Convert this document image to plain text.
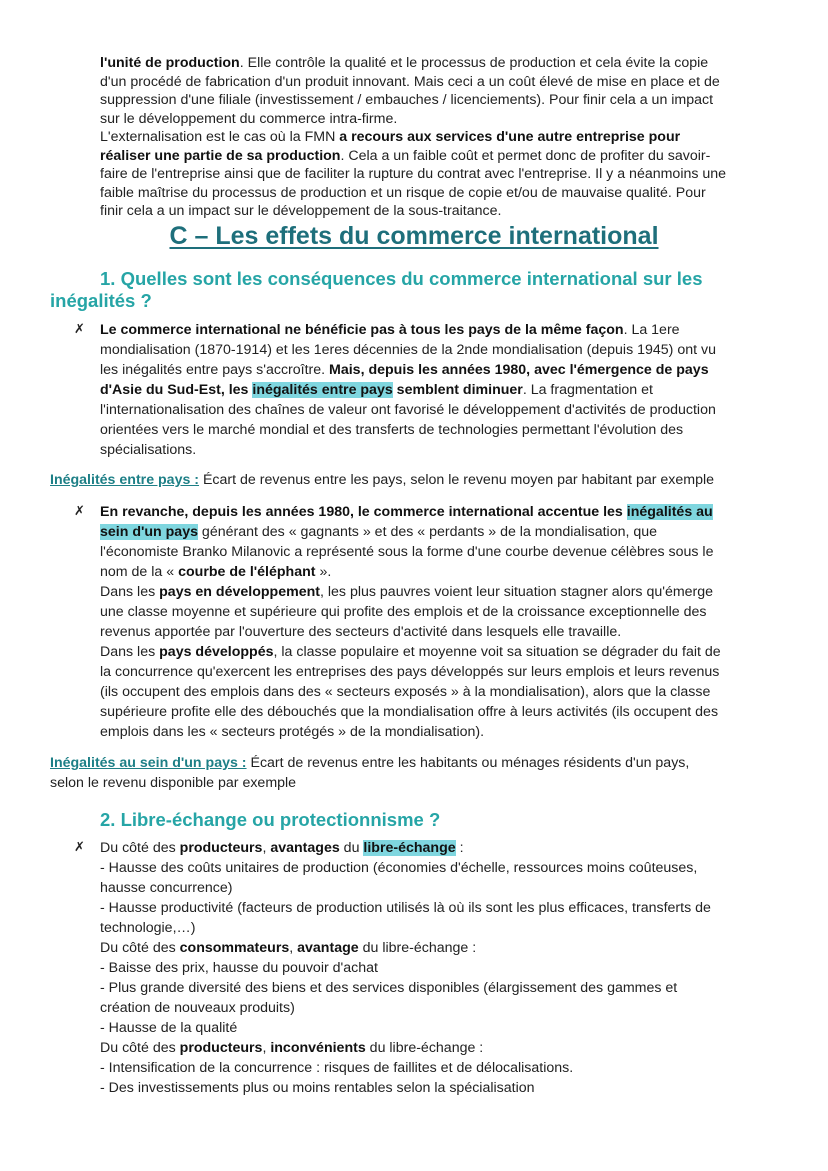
l'unité de production. Elle contrôle la qualité et le processus de production et cela évite la copie
d'un procédé de fabrication d'un produit innovant. Mais ceci a un coût élevé de mise en place et de
suppression d'une filiale (investissement / embauches / licenciements). Pour finir cela a un impact
sur le développement du commerce intra-firme.
L'externalisation est le cas où la FMN a recours aux services d'une autre entreprise pour
réaliser une partie de sa production. Cela a un faible coût et permet donc de profiter du savoir-
faire de l'entreprise ainsi que de faciliter la rupture du contrat avec l'entreprise. Il y a néanmoins une
faible maîtrise du processus de production et un risque de copie et/ou de mauvaise qualité. Pour
finir cela a un impact sur le développement de la sous-traitance.
C – Les effets du commerce international
1. Quelles sont les conséquences du commerce international sur les
inégalités ?
✗ Le commerce international ne bénéficie pas à tous les pays de la même façon. La 1ere
mondialisation (1870-1914) et les 1eres décennies de la 2nde mondialisation (depuis 1945) ont vu
les inégalités entre pays s'accroître. Mais, depuis les années 1980, avec l'émergence de pays
d'Asie du Sud-Est, les inégalités entre pays semblent diminuer. La fragmentation et
l'internationalisation des chaînes de valeur ont favorisé le développement d'activités de production
orientées vers le marché mondial et des transferts de technologies permettant l'évolution des
spécialisations.
Inégalités entre pays : Écart de revenus entre les pays, selon le revenu moyen par habitant par exemple
✗ En revanche, depuis les années 1980, le commerce international accentue les inégalités au
sein d'un pays générant des « gagnants » et des « perdants » de la mondialisation, que
l'économiste Branko Milanovic a représenté sous la forme d'une courbe devenue célèbres sous le
nom de la « courbe de l'éléphant ».
Dans les pays en développement, les plus pauvres voient leur situation stagner alors qu'émerge
une classe moyenne et supérieure qui profite des emplois et de la croissance exceptionnelle des
revenus apportée par l'ouverture des secteurs d'activité dans lesquels elle travaille.
Dans les pays développés, la classe populaire et moyenne voit sa situation se dégrader du fait de
la concurrence qu'exercent les entreprises des pays développés sur leurs emplois et leurs revenus
(ils occupent des emplois dans des « secteurs exposés » à la mondialisation), alors que la classe
supérieure profite elle des débouchés que la mondialisation offre à leurs activités (ils occupent des
emplois dans les « secteurs protégés » de la mondialisation).
Inégalités au sein d'un pays : Écart de revenus entre les habitants ou ménages résidents d'un pays,
selon le revenu disponible par exemple
2. Libre-échange ou protectionnisme ?
✗ Du côté des producteurs, avantages du libre-échange :
- Hausse des coûts unitaires de production (économies d'échelle, ressources moins coûteuses,
hausse concurrence)
- Hausse productivité (facteurs de production utilisés là où ils sont les plus efficaces, transferts de
technologie,…)
Du côté des consommateurs, avantage du libre-échange :
- Baisse des prix, hausse du pouvoir d'achat
- Plus grande diversité des biens et des services disponibles (élargissement des gammes et
création de nouveaux produits)
- Hausse de la qualité
Du côté des producteurs, inconvénients du libre-échange :
- Intensification de la concurrence : risques de faillites et de délocalisations.
- Des investissements plus ou moins rentables selon la spécialisation
